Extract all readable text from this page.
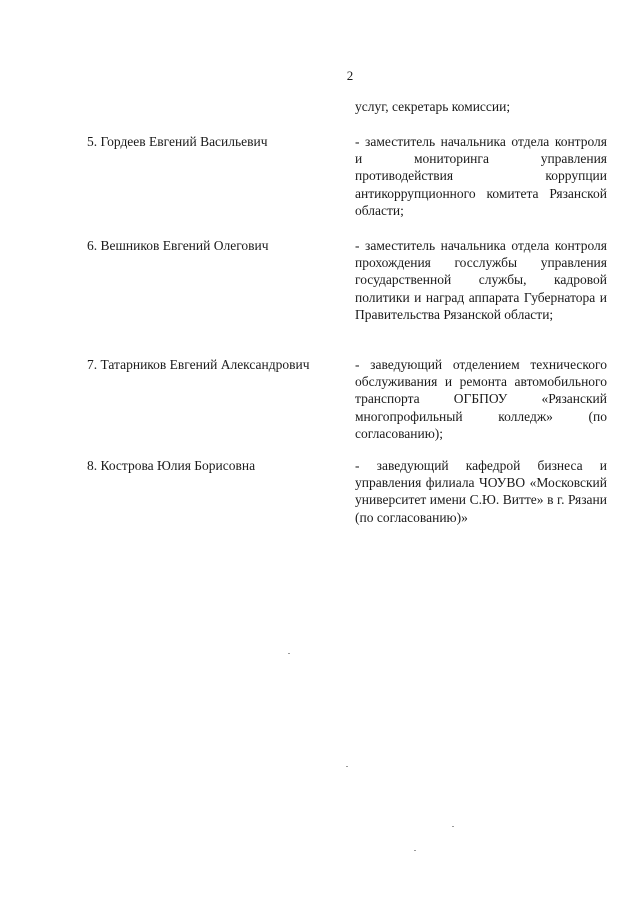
2
услуг, секретарь комиссии;
5. Гордеев Евгений Васильевич	- заместитель начальника отдела контроля и мониторинга управления противодействия коррупции антикоррупционного комитета Рязанской области;
6. Вешников Евгений Олегович	- заместитель начальника отдела контроля прохождения госслужбы управления государственной службы, кадровой политики и наград аппарата Губернатора и Правительства Рязанской области;
7. Татарников Евгений Александрович	- заведующий отделением технического обслуживания и ремонта автомобильного транспорта ОГБПОУ «Рязанский многопрофильный колледж» (по согласованию);
8. Кострова Юлия Борисовна	- заведующий кафедрой бизнеса и управления филиала ЧОУВО «Московский университет имени С.Ю. Витте» в г. Рязани (по согласованию)»
